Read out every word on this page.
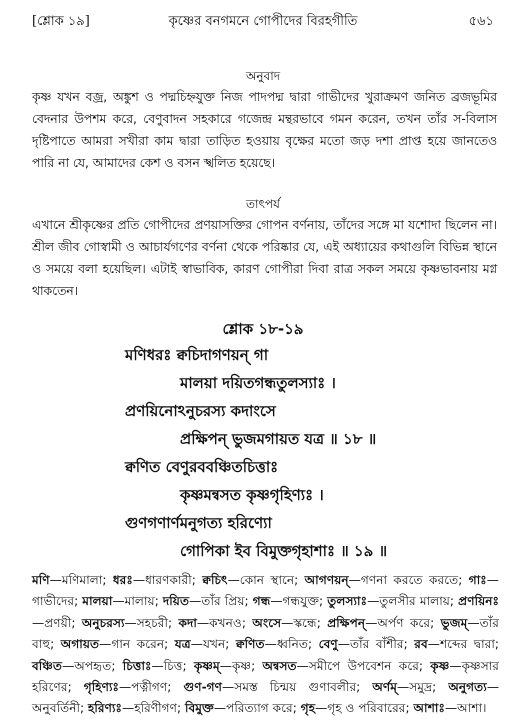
[শ্লোক ১৯]	কৃষ্ণের বনগমনে গোপীদের বিরহগীতি	৫৬১
অনুবাদ
কৃষ্ণ যখন বজ্র, অঙ্কুশ ও পদ্মচিহ্নযুক্ত নিজ পাদপদ্ম দ্বারা গাভীদের খুরাক্রমণ জনিত ব্রজভূমির বেদনার উপশম করে, বেণুবাদন সহকারে গজেন্দ্র মন্থরভাবে গমন করেন, তখন তাঁর স-বিলাস দৃষ্টিপাতে আমরা সখীরা কাম দ্বারা তাড়িত হওয়ায় বৃক্ষের মতো জড় দশা প্রাপ্ত হয়ে জানতেও পারি না যে, আমাদের কেশ ও বসন স্খলিত হয়েছে।
তাৎপর্য
এখানে শ্রীকৃষ্ণের প্রতি গোপীদের প্রণয়াসক্তির গোপন বর্ণনায়, তাঁদের সঙ্গে মা যশোদা ছিলেন না। শ্রীল জীব গোস্বামী ও আচার্যগণের বর্ণনা থেকে পরিষ্কার যে, এই অধ্যায়ের কথাগুলি বিভিন্ন স্থানে ও সময়ে বলা হয়েছিল। এটাই স্বাভাবিক, কারণ গোপীরা দিবা রাত্র সকল সময়ে কৃষ্ণভাবনায় মগ্ন থাকতেন।
শ্লোক ১৮-১৯
মণিধরঃ ক্বচিদাগণয়ন্ গা
মালয়া দয়িতগন্ধতুলস্যাঃ ।
প্রণয়িনোঽনুচরস্য কদাংসে
প্রক্ষিপন্ ভুজমগায়ত যত্র ॥ ১৮ ॥
ক্বণিত বেণুরববঞ্চিতচিত্তাঃ
কৃষ্ণমন্বসত কৃষ্ণগৃহিণ্যঃ ।
গুণগণার্ণমনুগত্য হরিণ্যো
গোপিকা ইব বিমুক্তগৃহাশাঃ ॥ ১৯ ॥
মণি—মণিমালা; ধরঃ—ধারণকারী; ক্বচিৎ—কোন স্থানে; আগণয়ন্—গণনা করতে করতে; গাঃ—গাভীদের; মালয়া—মালায়; দয়িত—তাঁর প্রিয়; গন্ধ—গন্ধযুক্ত; তুলস্যাঃ—তুলসীর মালায়; প্রণয়িনঃ—প্রণয়ী; অনুচরস্য—সহচরী; কদা—কখনও; অংসে—স্কন্ধে; প্রক্ষিপন্—অর্পণ করে; ভুজম্—তাঁর বাহু; অগায়ত—গান করেন; যত্র—যখন; ক্বণিত—ধ্বনিত; বেণু—তাঁর বাঁশীর; রব—শব্দের দ্বারা; বঞ্চিত—অপহৃত; চিত্তাঃ—চিত্ত; কৃষ্ণম্—কৃষ্ণ; অন্বসত—সমীপে উপবেশন করে; কৃষ্ণ—কৃষ্ণসার হরিণের; গৃহিণ্যঃ—পত্নীগণ; গুণ-গণ—সমস্ত চিন্ময় গুণাবলীর; অর্ণম্—সমুদ্র; অনুগত্য—অনুবর্তিনী; হরিণ্যঃ—হরিণীগণ; বিমুক্ত—পরিত্যাগ করে; গৃহ—গৃহ ও পরিবারের; আশাঃ—আশা।
